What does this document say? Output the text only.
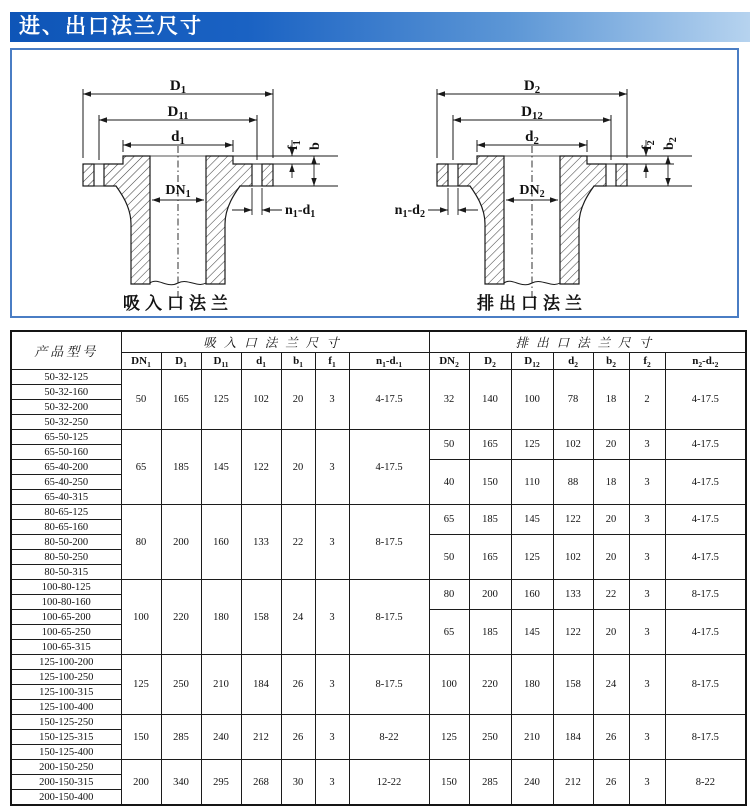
进、出口法兰尺寸
$D_1$
$D_{11}$
$d_1$
$DN_1$
$f_1$ b
$n_1-d_1$
吸入口法兰
$D_2$
$D_{12}$
$d_2$
$DN_2$
$f_2$ $b_2$
$n_1-d_2$
排出口法兰
产品型号	吸入口法兰尺寸							排出口法兰尺寸						
	$DN_1$	$D_1$	$D_{11}$	$d_1$	$b_1$	$f_1$	$n_1-d._1$	$DN_2$	$D_2$	$D_{12}$	$d_2$	$b_2$	$f_2$	$n_2-d._2$
50-32-125	50	165	125	102	20	3	4-17.5	32	140	100	78	18	2	4-17.5
50-32-160														
50-32-200														
50-32-250														
65-50-125	65	185	145	122	20	3	4-17.5	50	165	125	102	20	3	4-17.5
65-50-160														
65-40-200								40	150	110	88	18	3	4-17.5
65-40-250														
65-40-315														
80-65-125	80	200	160	133	22	3	8-17.5	65	185	145	122	20	3	4-17.5
80-65-160														
80-50-200								50	165	125	102	20	3	4-17.5
80-50-250														
80-50-315														
100-80-125	100	220	180	158	24	3	8-17.5	80	200	160	133	22	3	8-17.5
100-80-160														
100-65-200								65	185	145	122	20	3	4-17.5
100-65-250														
100-65-315														
125-100-200	125	250	210	184	26	3	8-17.5	100	220	180	158	24	3	8-17.5
125-100-250														
125-100-315														
125-100-400														
150-125-250	150	285	240	212	26	3	8-22	125	250	210	184	26	3	8-17.5
150-125-315														
150-125-400														
200-150-250	200	340	295	268	30	3	12-22	150	285	240	212	26	3	8-22
200-150-315														
200-150-400														
